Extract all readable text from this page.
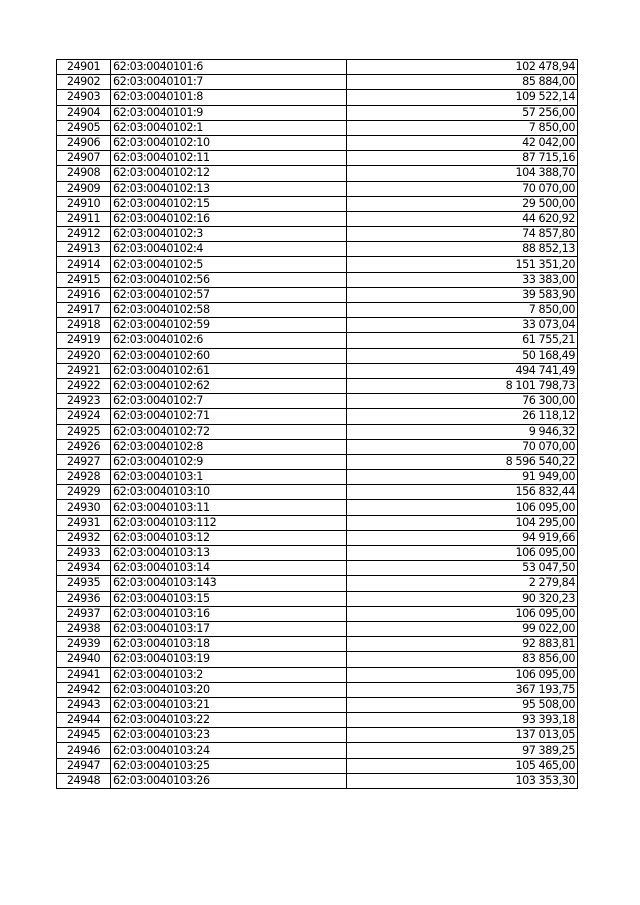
24901	62:03:0040101:6	102 478,94
24902	62:03:0040101:7	85 884,00
24903	62:03:0040101:8	109 522,14
24904	62:03:0040101:9	57 256,00
24905	62:03:0040102:1	7 850,00
24906	62:03:0040102:10	42 042,00
24907	62:03:0040102:11	87 715,16
24908	62:03:0040102:12	104 388,70
24909	62:03:0040102:13	70 070,00
24910	62:03:0040102:15	29 500,00
24911	62:03:0040102:16	44 620,92
24912	62:03:0040102:3	74 857,80
24913	62:03:0040102:4	88 852,13
24914	62:03:0040102:5	151 351,20
24915	62:03:0040102:56	33 383,00
24916	62:03:0040102:57	39 583,90
24917	62:03:0040102:58	7 850,00
24918	62:03:0040102:59	33 073,04
24919	62:03:0040102:6	61 755,21
24920	62:03:0040102:60	50 168,49
24921	62:03:0040102:61	494 741,49
24922	62:03:0040102:62	8 101 798,73
24923	62:03:0040102:7	76 300,00
24924	62:03:0040102:71	26 118,12
24925	62:03:0040102:72	9 946,32
24926	62:03:0040102:8	70 070,00
24927	62:03:0040102:9	8 596 540,22
24928	62:03:0040103:1	91 949,00
24929	62:03:0040103:10	156 832,44
24930	62:03:0040103:11	106 095,00
24931	62:03:0040103:112	104 295,00
24932	62:03:0040103:12	94 919,66
24933	62:03:0040103:13	106 095,00
24934	62:03:0040103:14	53 047,50
24935	62:03:0040103:143	2 279,84
24936	62:03:0040103:15	90 320,23
24937	62:03:0040103:16	106 095,00
24938	62:03:0040103:17	99 022,00
24939	62:03:0040103:18	92 883,81
24940	62:03:0040103:19	83 856,00
24941	62:03:0040103:2	106 095,00
24942	62:03:0040103:20	367 193,75
24943	62:03:0040103:21	95 508,00
24944	62:03:0040103:22	93 393,18
24945	62:03:0040103:23	137 013,05
24946	62:03:0040103:24	97 389,25
24947	62:03:0040103:25	105 465,00
24948	62:03:0040103:26	103 353,30
